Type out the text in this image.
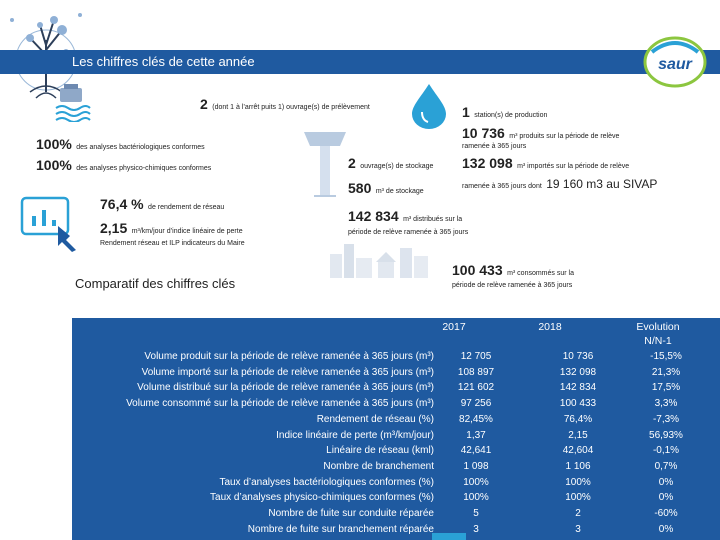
Les chiffres clés de cette année	saur
2 (dont 1 à l’arrêt puits 1) ouvrage(s) de prélèvement	1 station(s) de production
100% des analyses bactériologiques conformes
100% des analyses physico-chimiques conformes	2 ouvrage(s) de stockage
580 m³ de stockage
10 736 m³ produits sur la période de relève
ramenée à 365 jours
132 098 m³ importés sur la période de relève
ramenée à 365 jours dont 19 160 m3 au SIVAP
76,4 % de rendement de réseau
2,15 m³/km/jour d’indice linéaire de perte
Rendement réseau et ILP indicateurs du Maire
142 834 m³ distribués sur la
période de relève ramenée à 365 jours
100 433 m³ consommés sur la
période de relève ramenée à 365 jours
Comparatif des chiffres clés
2017	2018	Evolution
N/N-1
Volume produit sur la période de relève ramenée à 365 jours (m³)	12 705	10 736	-15,5%
Volume importé sur la période de relève ramenée à 365 jours (m³)	108 897	132 098	21,3%
Volume distribué sur la période de relève ramenée à 365 jours (m³)	121 602	142 834	17,5%
Volume consommé sur la période de relève ramenée à 365 jours (m³)	97 256	100 433	3,3%
Rendement de réseau (%)	82,45%	76,4%	-7,3%
Indice linéaire de perte (m³/km/jour)	1,37	2,15	56,93%
Linéaire de réseau (kml)	42,641	42,604	-0,1%
Nombre de branchement	1 098	1 106	0,7%
Taux d’analyses bactériologiques conformes (%)	100%	100%	0%
Taux d’analyses physico-chimiques conformes (%)	100%	100%	0%
Nombre de fuite sur conduite réparée	5	2	-60%
Nombre de fuite sur branchement réparée	3	3	0%
